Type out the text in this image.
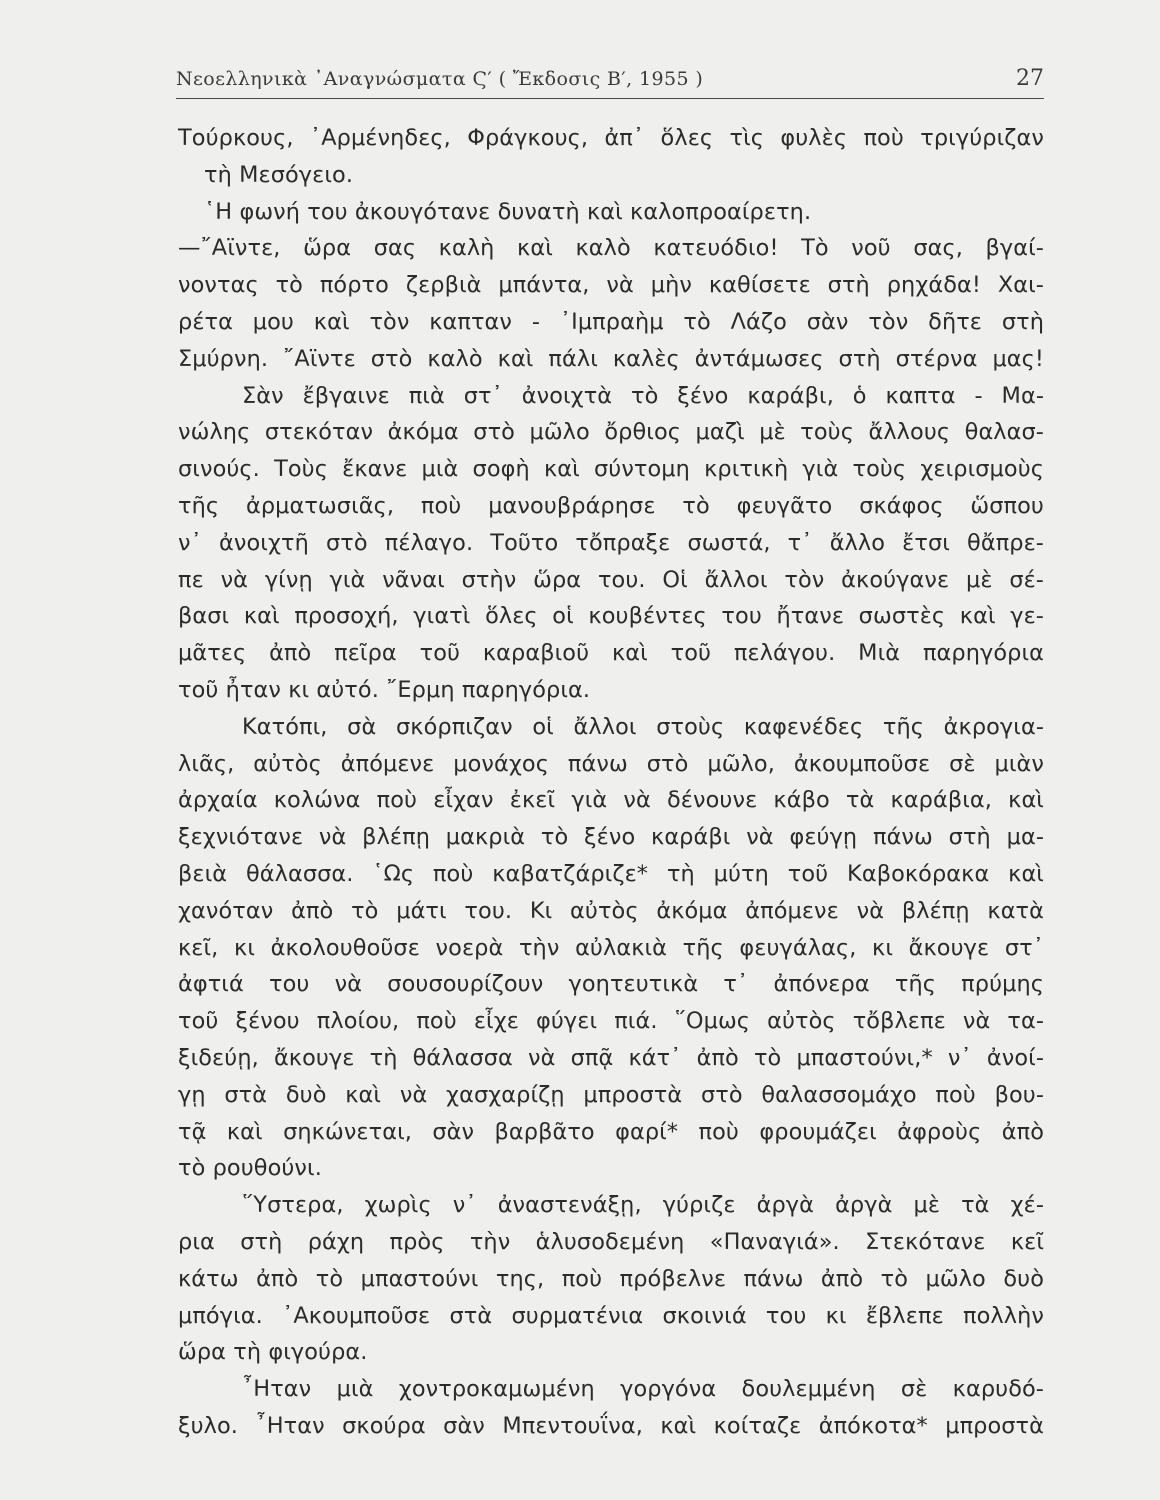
Νεοελληνικὰ ᾿Αναγνώσματα Ϛ′ ( Ἔκδοσις Β′, 1955 )	27
Τούρκους, ᾿Αρμένηδες, Φράγκους, ἀπ᾿ ὅλες τὶς φυλὲς ποὺ τριγύριζαν
τὴ Μεσόγειο.
῾Η φωνή του ἀκουγότανε δυνατὴ καὶ καλοπροαίρετη.
—῎Αϊντε, ὥρα σας καλὴ καὶ καλὸ κατευόδιο! Τὸ νοῦ σας, βγαί-
νοντας τὸ πόρτο ζερβιὰ μπάντα, νὰ μὴν καθίσετε στὴ ρηχάδα! Χαι-
ρέτα μου καὶ τὸν καπταν - ᾿Ιμπραὴμ τὸ Λάζο σὰν τὸν δῆτε στὴ
Σμύρνη. ῎Αϊντε στὸ καλὸ καὶ πάλι καλὲς ἀντάμωσες στὴ στέρνα μας!
Σὰν ἔβγαινε πιὰ στ᾿ ἀνοιχτὰ τὸ ξένο καράβι, ὁ καπτα - Μα-
νώλης στεκόταν ἀκόμα στὸ μῶλο ὄρθιος μαζὶ μὲ τοὺς ἄλλους θαλασ-
σινούς. Τοὺς ἔκανε μιὰ σοφὴ καὶ σύντομη κριτικὴ γιὰ τοὺς χειρισμοὺς
τῆς ἀρματωσιᾶς, ποὺ μανουβράρησε τὸ φευγᾶτο σκάφος ὥσπου
ν᾿ ἀνοιχτῆ στὸ πέλαγο. Τοῦτο τὄπραξε σωστά, τ᾿ ἄλλο ἔτσι θἄπρε-
πε νὰ γίνῃ γιὰ νᾶναι στὴν ὥρα του. Οἱ ἄλλοι τὸν ἀκούγανε μὲ σέ-
βασι καὶ προσοχή, γιατὶ ὅλες οἱ κουβέντες του ἤτανε σωστὲς καὶ γε-
μᾶτες ἀπὸ πεῖρα τοῦ καραβιοῦ καὶ τοῦ πελάγου. Μιὰ παρηγόρια
τοῦ ἦταν κι αὐτό. ῎Ερμη παρηγόρια.
Κατόπι, σὰ σκόρπιζαν οἱ ἄλλοι στοὺς καφενέδες τῆς ἀκρογια-
λιᾶς, αὐτὸς ἀπόμενε μονάχος πάνω στὸ μῶλο, ἀκουμποῦσε σὲ μιὰν
ἀρχαία κολώνα ποὺ εἶχαν ἐκεῖ γιὰ νὰ δένουνε κάβο τὰ καράβια, καὶ
ξεχνιότανε νὰ βλέπῃ μακριὰ τὸ ξένο καράβι νὰ φεύγῃ πάνω στὴ μα-
βειὰ θάλασσα. ῾Ως ποὺ καβατζάριζε* τὴ μύτη τοῦ Καβοκόρακα καὶ
χανόταν ἀπὸ τὸ μάτι του. Κι αὐτὸς ἀκόμα ἀπόμενε νὰ βλέπῃ κατὰ
κεῖ, κι ἀκολουθοῦσε νοερὰ τὴν αὐλακιὰ τῆς φευγάλας, κι ἄκουγε στ᾿
ἀφτιά του νὰ σουσουρίζουν γοητευτικὰ τ᾿ ἀπόνερα τῆς πρύμης
τοῦ ξένου πλοίου, ποὺ εἶχε φύγει πιά. ῞Ομως αὐτὸς τὄβλεπε νὰ τα-
ξιδεύῃ, ἄκουγε τὴ θάλασσα νὰ σπᾷ κάτ᾿ ἀπὸ τὸ μπαστούνι,* ν᾿ ἀνοί-
γῃ στὰ δυὸ καὶ νὰ χασχαρίζῃ μπροστὰ στὸ θαλασσομάχο ποὺ βου-
τᾷ καὶ σηκώνεται, σὰν βαρβᾶτο φαρί* ποὺ φρουμάζει ἀφροὺς ἀπὸ
τὸ ρουθούνι.
῞Υστερα, χωρὶς ν᾿ ἀναστενάξῃ, γύριζε ἀργὰ ἀργὰ μὲ τὰ χέ-
ρια στὴ ράχη πρὸς τὴν ἁλυσοδεμένη «Παναγιά». Στεκότανε κεῖ
κάτω ἀπὸ τὸ μπαστούνι της, ποὺ πρόβελνε πάνω ἀπὸ τὸ μῶλο δυὸ
μπόγια. ᾿Ακουμποῦσε στὰ συρματένια σκοινιά του κι ἔβλεπε πολλὴν
ὥρα τὴ φιγούρα.
῏Ηταν μιὰ χοντροκαμωμένη γοργόνα δουλεμμένη σὲ καρυδό-
ξυλο. ῏Ηταν σκούρα σὰν Μπεντουΐνα, καὶ κοίταζε ἀπόκοτα* μπροστὰ
